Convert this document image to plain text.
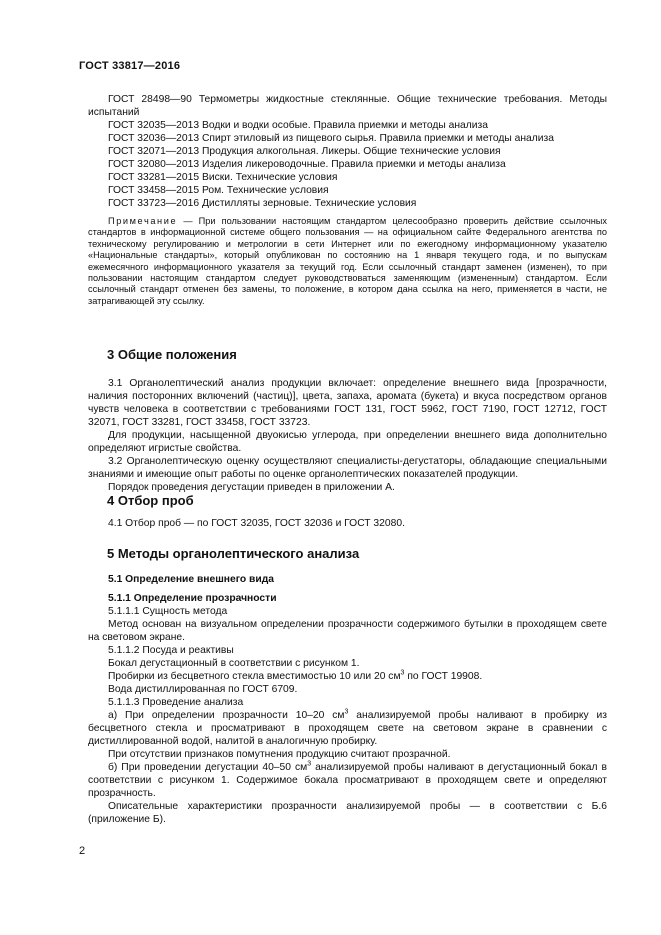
ГОСТ 33817—2016

ГОСТ 28498—90 Термометры жидкостные стеклянные. Общие технические требования. Методы испытаний

ГОСТ 32035—2013 Водки и водки особые. Правила приемки и методы анализа

ГОСТ 32036—2013 Спирт этиловый из пищевого сырья. Правила приемки и методы анализа

ГОСТ 32071—2013 Продукция алкогольная. Ликеры. Общие технические условия

ГОСТ 32080—2013 Изделия ликероводочные. Правила приемки и методы анализа

ГОСТ 33281—2015 Виски. Технические условия

ГОСТ 33458—2015 Ром. Технические условия

ГОСТ 33723—2016 Дистилляты зерновые. Технические условия

Примечание — При пользовании настоящим стандартом целесообразно проверить действие ссылочных стандартов в информационной системе общего пользования — на официальном сайте Федерального агентства по техническому регулированию и метрологии в сети Интернет или по ежегодному информационному указателю «Национальные стандарты», который опубликован по состоянию на 1 января текущего года, и по выпускам ежемесячного информационного указателя за текущий год. Если ссылочный стандарт заменен (изменен), то при пользовании настоящим стандартом следует руководствоваться заменяющим (измененным) стандартом. Если ссылочный стандарт отменен без замены, то положение, в котором дана ссылка на него, применяется в части, не затрагивающей эту ссылку.

3 Общие положения

3.1 Органолептический анализ продукции включает: определение внешнего вида [прозрачности, наличия посторонних включений (частиц)], цвета, запаха, аромата (букета) и вкуса посредством органов чувств человека в соответствии с требованиями ГОСТ 131, ГОСТ 5962, ГОСТ 7190, ГОСТ 12712, ГОСТ 32071, ГОСТ 33281, ГОСТ 33458, ГОСТ 33723.

Для продукции, насыщенной двуокисью углерода, при определении внешнего вида дополнительно определяют игристые свойства.

3.2 Органолептическую оценку осуществляют специалисты-дегустаторы, обладающие специальными знаниями и имеющие опыт работы по оценке органолептических показателей продукции.

Порядок проведения дегустации приведен в приложении А.

4 Отбор проб

4.1 Отбор проб — по ГОСТ 32035, ГОСТ 32036 и ГОСТ 32080.

5 Методы органолептического анализа
5.1 Определение внешнего вида
5.1.1 Определение прозрачности

5.1.1.1 Сущность метода

Метод основан на визуальном определении прозрачности содержимого бутылки в проходящем свете на световом экране.

5.1.1.2 Посуда и реактивы

Бокал дегустационный в соответствии с рисунком 1.

Пробирки из бесцветного стекла вместимостью 10 или 20 $см^3$ по ГОСТ 19908.

Вода дистиллированная по ГОСТ 6709.

5.1.1.3 Проведение анализа

а) При определении прозрачности 10–20 $см^3$ анализируемой пробы наливают в пробирку из бесцветного стекла и просматривают в проходящем свете на световом экране в сравнении с дистиллированной водой, налитой в аналогичную пробирку.

При отсутствии признаков помутнения продукцию считают прозрачной.

б) При проведении дегустации 40–50 $см^3$ анализируемой пробы наливают в дегустационный бокал в соответствии с рисунком 1. Содержимое бокала просматривают в проходящем свете и определяют прозрачность.

Описательные характеристики прозрачности анализируемой пробы — в соответствии с Б.6 (приложение Б).

2
